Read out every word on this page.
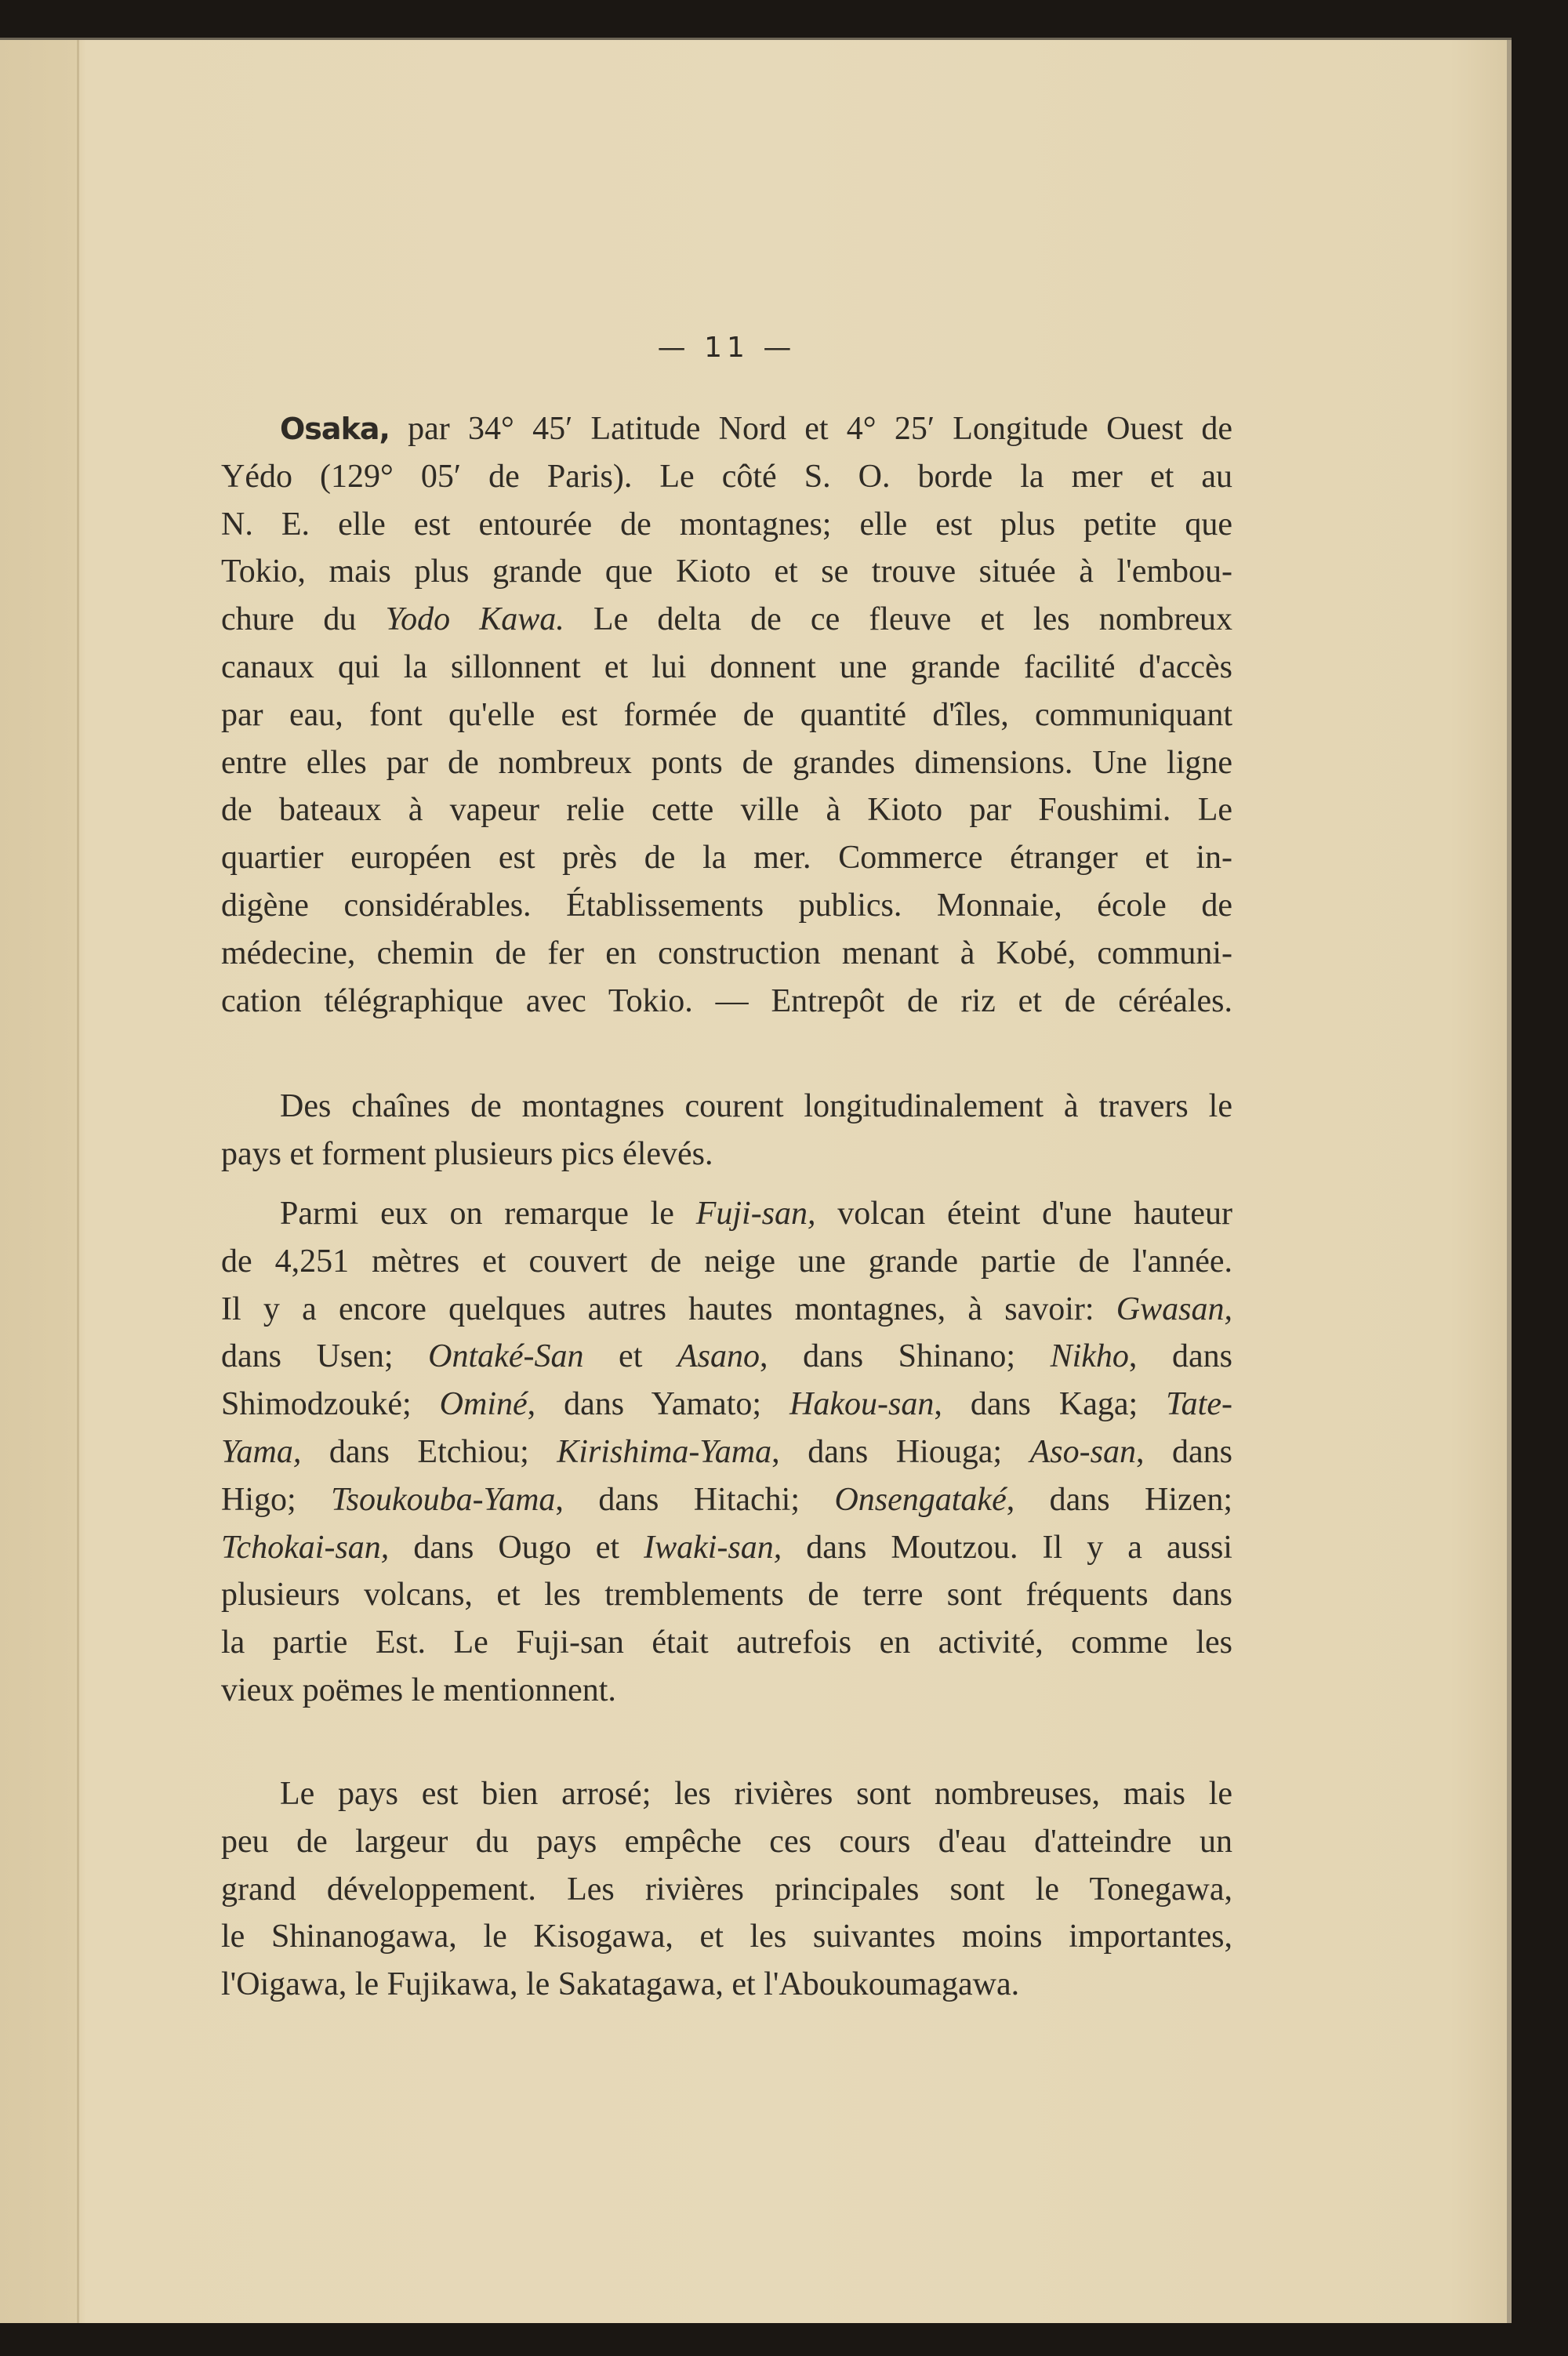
— 11 —
Osaka, par 34° 45′ Latitude Nord et 4° 25′ Longitude Ouest de
Yédo (129° 05′ de Paris). Le côté S. O. borde la mer et au
N. E. elle est entourée de montagnes; elle est plus petite que
Tokio, mais plus grande que Kioto et se trouve située à l'embou-
chure du Yodo Kawa. Le delta de ce fleuve et les nombreux
canaux qui la sillonnent et lui donnent une grande facilité d'accès
par eau, font qu'elle est formée de quantité d'îles, communiquant
entre elles par de nombreux ponts de grandes dimensions. Une ligne
de bateaux à vapeur relie cette ville à Kioto par Foushimi. Le
quartier européen est près de la mer. Commerce étranger et in-
digène considérables. Établissements publics. Monnaie, école de
médecine, chemin de fer en construction menant à Kobé, communi-
cation télégraphique avec Tokio. — Entrepôt de riz et de céréales.
Des chaînes de montagnes courent longitudinalement à travers le
pays et forment plusieurs pics élevés.
Parmi eux on remarque le Fuji-san, volcan éteint d'une hauteur
de 4,251 mètres et couvert de neige une grande partie de l'année.
Il y a encore quelques autres hautes montagnes, à savoir: Gwasan,
dans Usen; Ontaké-San et Asano, dans Shinano; Nikho, dans
Shimodzouké; Ominé, dans Yamato; Hakou-san, dans Kaga; Tate-
Yama, dans Etchiou; Kirishima-Yama, dans Hiouga; Aso-san, dans
Higo; Tsoukouba-Yama, dans Hitachi; Onsengataké, dans Hizen;
Tchokai-san, dans Ougo et Iwaki-san, dans Moutzou. Il y a aussi
plusieurs volcans, et les tremblements de terre sont fréquents dans
la partie Est. Le Fuji-san était autrefois en activité, comme les
vieux poëmes le mentionnent.
Le pays est bien arrosé; les rivières sont nombreuses, mais le
peu de largeur du pays empêche ces cours d'eau d'atteindre un
grand développement. Les rivières principales sont le Tonegawa,
le Shinanogawa, le Kisogawa, et les suivantes moins importantes,
l'Oigawa, le Fujikawa, le Sakatagawa, et l'Aboukoumagawa.
